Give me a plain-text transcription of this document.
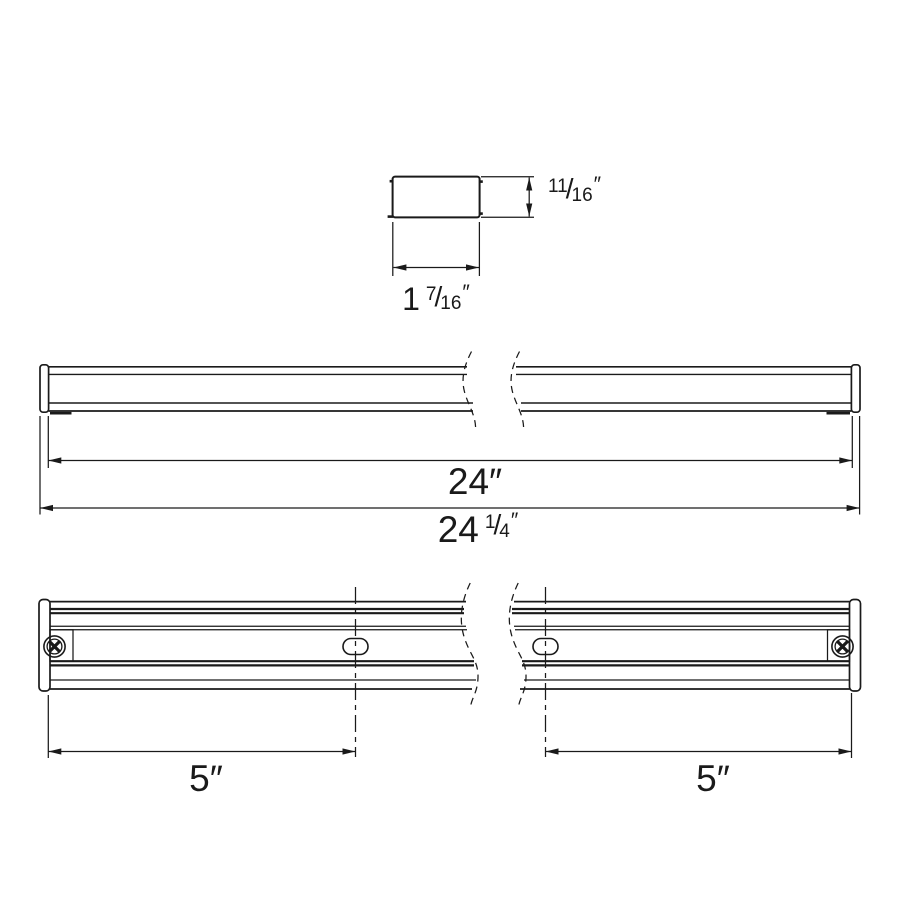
11
/
16 ″
1 7
/
16 ″
24″
24 1
/
4 ″
5″	5″
